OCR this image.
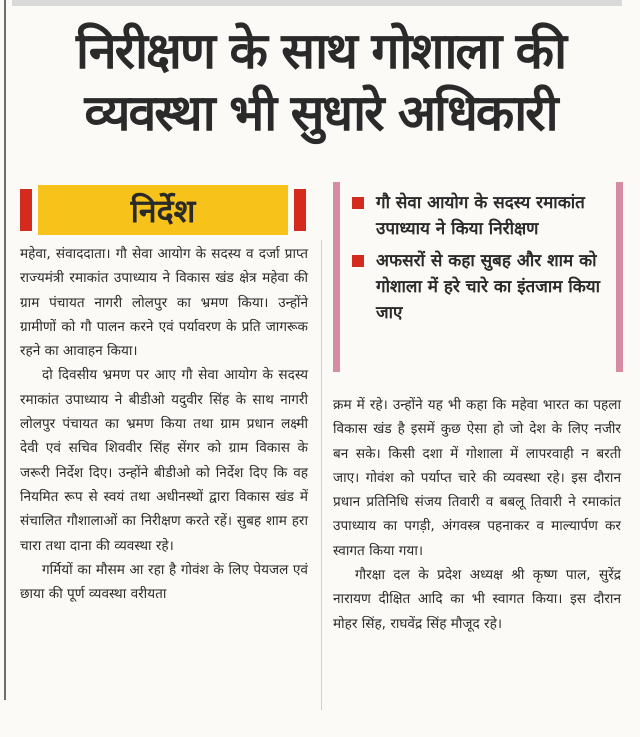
निरीक्षण के साथ गोशाला की
व्यवस्था भी सुधारे अधिकारी
निर्देश	गौ सेवा आयोग के सदस्य रमाकांत उपाध्याय ने किया निरीक्षण
अफसरों से कहा सुबह और शाम को गोशाला में हरे चारे का इंतजाम किया जाए

महेवा, संवाददाता। गौ सेवा आयोग के सदस्य व दर्जा प्राप्त राज्यमंत्री रमाकांत उपाध्याय ने विकास खंड क्षेत्र महेवा की ग्राम पंचायत नागरी लोलपुर का भ्रमण किया। उन्होंने ग्रामीणों को गौ पालन करने एवं पर्यावरण के प्रति जागरूक रहने का आवाहन किया।

दो दिवसीय भ्रमण पर आए गौ सेवा आयोग के सदस्य रमाकांत उपाध्याय ने बीडीओ यदुवीर सिंह के साथ नागरी लोलपुर पंचायत का भ्रमण किया तथा ग्राम प्रधान लक्ष्मी देवी एवं सचिव शिववीर सिंह सेंगर को ग्राम विकास के जरूरी निर्देश दिए। उन्होंने बीडीओ को निर्देश दिए कि वह नियमित रूप से स्वयं तथा अधीनस्थों द्वारा विकास खंड में संचालित गौशालाओं का निरीक्षण करते रहें। सुबह शाम हरा चारा तथा दाना की व्यवस्था रहे।

गर्मियों का मौसम आ रहा है गोवंश के लिए पेयजल एवं छाया की पूर्ण व्यवस्था वरीयता

क्रम में रहे। उन्होंने यह भी कहा कि महेवा भारत का पहला विकास खंड है इसमें कुछ ऐसा हो जो देश के लिए नजीर बन सके। किसी दशा में गोशाला में लापरवाही न बरती जाए। गोवंश को पर्याप्त चारे की व्यवस्था रहे। इस दौरान प्रधान प्रतिनिधि संजय तिवारी व बबलू तिवारी ने रमाकांत उपाध्याय का पगड़ी, अंगवस्त्र पहनाकर व माल्यार्पण कर स्वागत किया गया।

गौरक्षा दल के प्रदेश अध्यक्ष श्री कृष्ण पाल, सुरेंद्र नारायण दीक्षित आदि का भी स्वागत किया। इस दौरान मोहर सिंह, राघवेंद्र सिंह मौजूद रहे।
